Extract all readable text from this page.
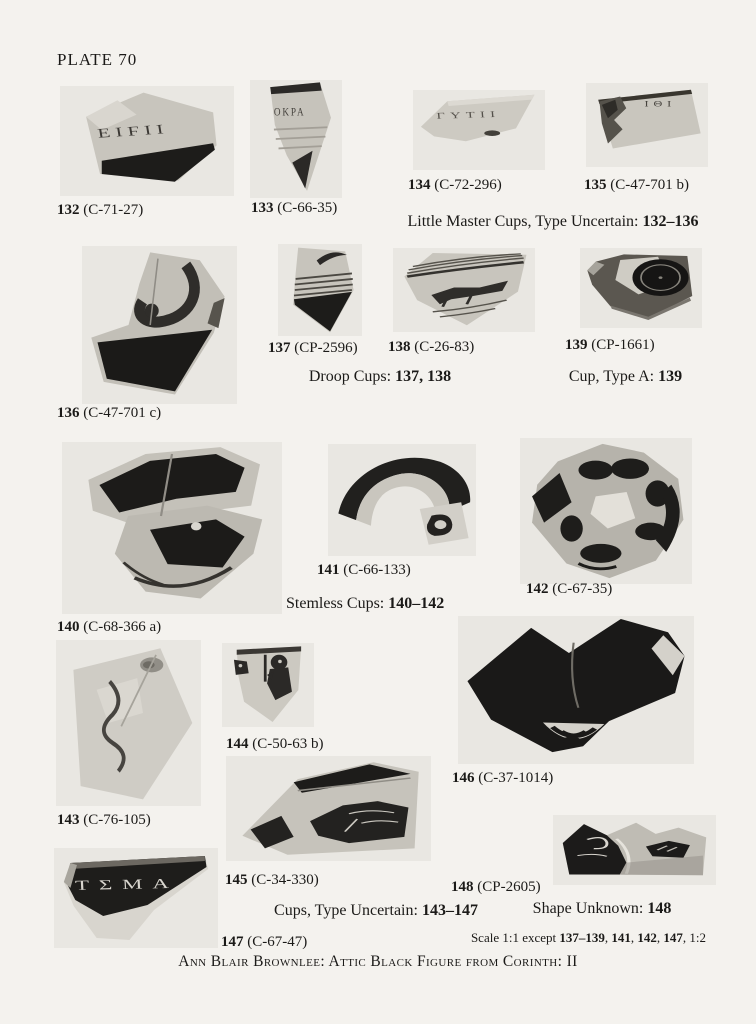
PLATE 70
ΕΙϜΙΙ
132 (C-71-27)
ΟΚΡΑ
133 (C-66-35)
ΓΥΤΙΙ
134 (C-72-296)
ΙΘΙ
135 (C-47-701 b)
Little Master Cups, Type Uncertain: 132–136
136 (C-47-701 c)
137 (CP-2596) 138 (C-26-83)	139 (CP-1661)
Droop Cups: 137, 138	Cup, Type A: 139
140 (C-68-366 a)
141 (C-66-133)
Stemless Cups: 140–142
142 (C-67-35)
143 (C-76-105)
144 (C-50-63 b)
146 (C-37-1014)
145 (C-34-330)
ΤΣΜΑ
147 (C-67-47)
148 (CP-2605)
Cups, Type Uncertain: 143–147	Shape Unknown: 148
Scale 1:1 except 137–139, 141, 142, 147, 1:2
Ann Blair Brownlee: Attic Black Figure from Corinth: II
